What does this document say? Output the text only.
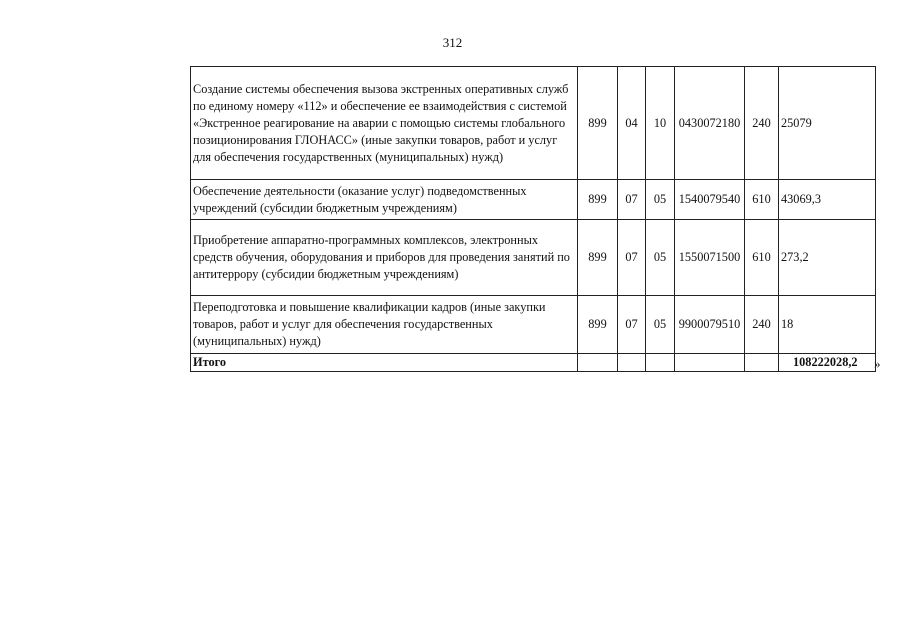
312
Создание системы обеспечения вызова экстренных оперативных служб по единому номеру «112» и обеспечение ее взаимодействия с системой «Экстренное реагирование на аварии с помощью системы глобального позиционирования ГЛОНАСС» (иные закупки товаров, работ и услуг для обеспечения государственных (муниципальных) нужд)	899	04	10	0430072180	240	25079
Обеспечение деятельности (оказание услуг) подведомственных учреждений (субсидии бюджетным учреждениям)	899	07	05	1540079540	610	43069,3
Приобретение аппаратно-программных комплексов, электронных средств обучения, оборудования и приборов для проведения занятий по антитеррору (субсидии бюджетным учреждениям)	899	07	05	1550071500	610	273,2
Переподготовка и повышение квалификации кадров (иные закупки товаров, работ и услуг для обеспечения государственных (муниципальных) нужд)	899	07	05	9900079510	240	18
Итого						108222028,2 »
